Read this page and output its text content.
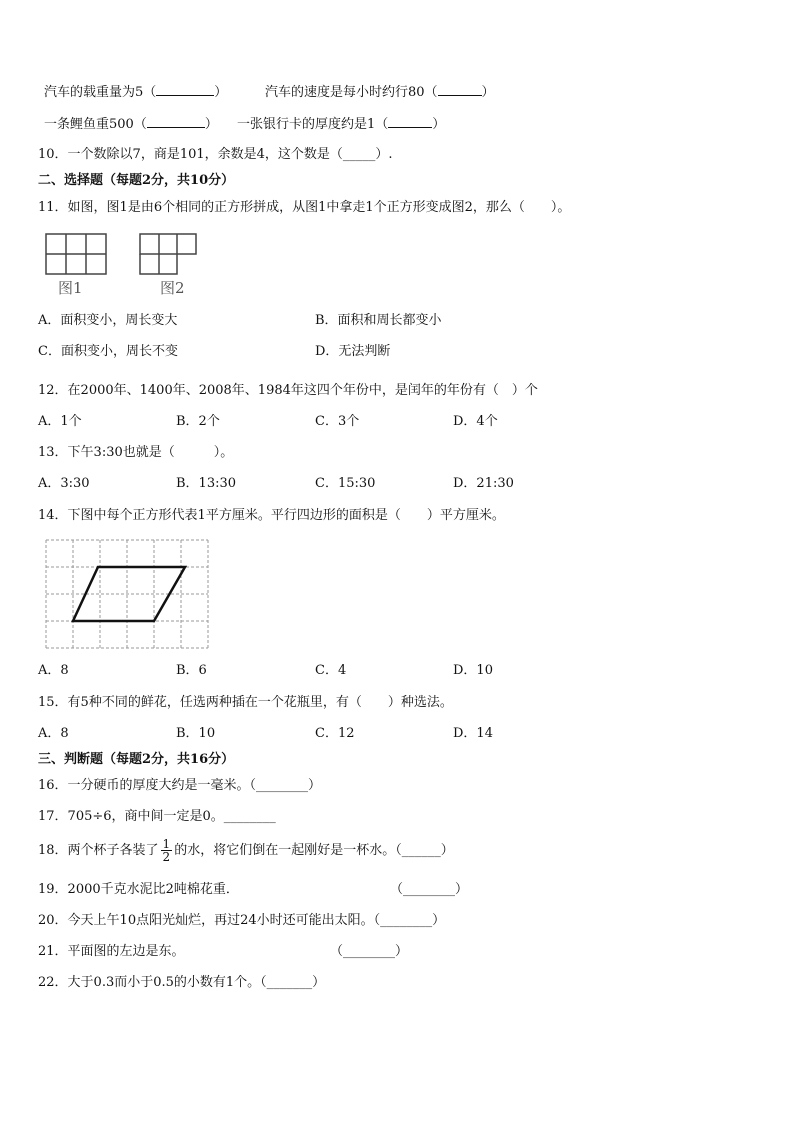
汽车的载重量为5（	）	汽车的速度是每小时约行80（	）
一条鲤鱼重500（	） 一张银行卡的厚度约是1（	）
10．一个数除以7，商是101，余数是4，这个数是（_____）.
二、选择题（每题2分，共10分）
11．如图，图1是由6个相同的正方形拼成，从图1中拿走1个正方形变成图2，那么（　　）。
图1	图2
A．面积变小，周长变大	B．面积和周长都变小
C．面积变小，周长不变	D．无法判断
12．在2000年、1400年、2008年、1984年这四个年份中，是闰年的年份有（　）个
A．1个	B．2个	C．3个	D．4个
13．下午3:30也就是（　　　）。
A．3:30	B．13:30	C．15:30	D．21:30
14．下图中每个正方形代表1平方厘米。平行四边形的面积是（　　）平方厘米。
A．8	B．6	C．4	D．10
15．有5种不同的鲜花，任选两种插在一个花瓶里，有（　　）种选法。
A．8	B．10	C．12	D．14
三、判断题（每题2分，共16分）
16．一分硬币的厚度大约是一毫米。（________）
17．705÷6，商中间一定是0。________
18．两个杯子各装了 $\frac{1}{2}$ 的水，将它们倒在一起刚好是一杯水。（______）
19．2000千克水泥比2吨棉花重．	（________）
20．今天上午10点阳光灿烂，再过24小时还可能出太阳。（________）
21．平面图的左边是东。	（________）
22．大于0.3而小于0.5的小数有1个。（_______）
